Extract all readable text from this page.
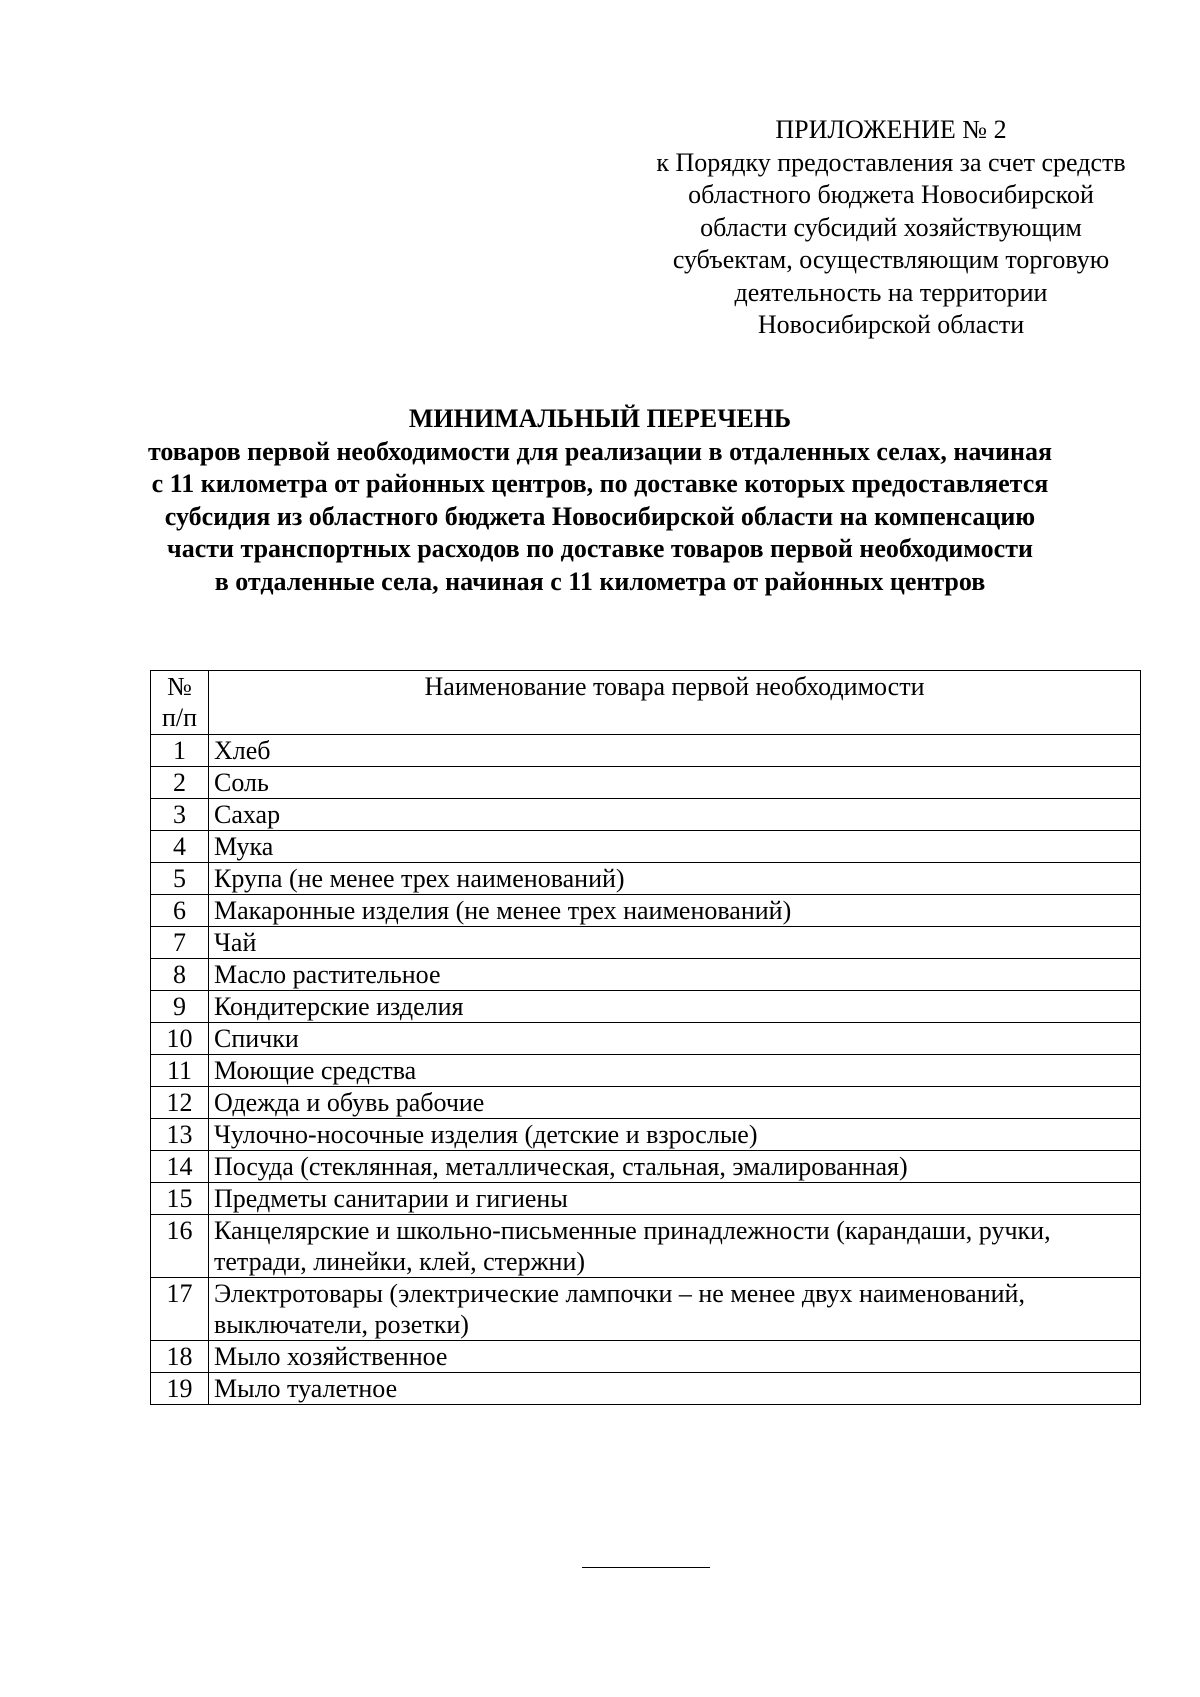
ПРИЛОЖЕНИЕ № 2
к Порядку предоставления за счет средств
областного бюджета Новосибирской
области субсидий хозяйствующим
субъектам, осуществляющим торговую
деятельность на территории
Новосибирской области
МИНИМАЛЬНЫЙ ПЕРЕЧЕНЬ
товаров первой необходимости для реализации в отдаленных селах, начиная
с 11 километра от районных центров, по доставке которых предоставляется
субсидия из областного бюджета Новосибирской области на компенсацию
части транспортных расходов по доставке товаров первой необходимости
в отдаленные села, начиная с 11 километра от районных центров
№
п/п	Наименование товара первой необходимости
1	Хлеб
2	Соль
3	Сахар
4	Мука
5	Крупа (не менее трех наименований)
6	Макаронные изделия (не менее трех наименований)
7	Чай
8	Масло растительное
9	Кондитерские изделия
10	Спички
11	Моющие средства
12	Одежда и обувь рабочие
13	Чулочно-носочные изделия (детские и взрослые)
14	Посуда (стеклянная, металлическая, стальная, эмалированная)
15	Предметы санитарии и гигиены
16	Канцелярские и школьно-письменные принадлежности (карандаши, ручки, тетради, линейки, клей, стержни)
17	Электротовары (электрические лампочки – не менее двух наименований, выключатели, розетки)
18	Мыло хозяйственное
19	Мыло туалетное
